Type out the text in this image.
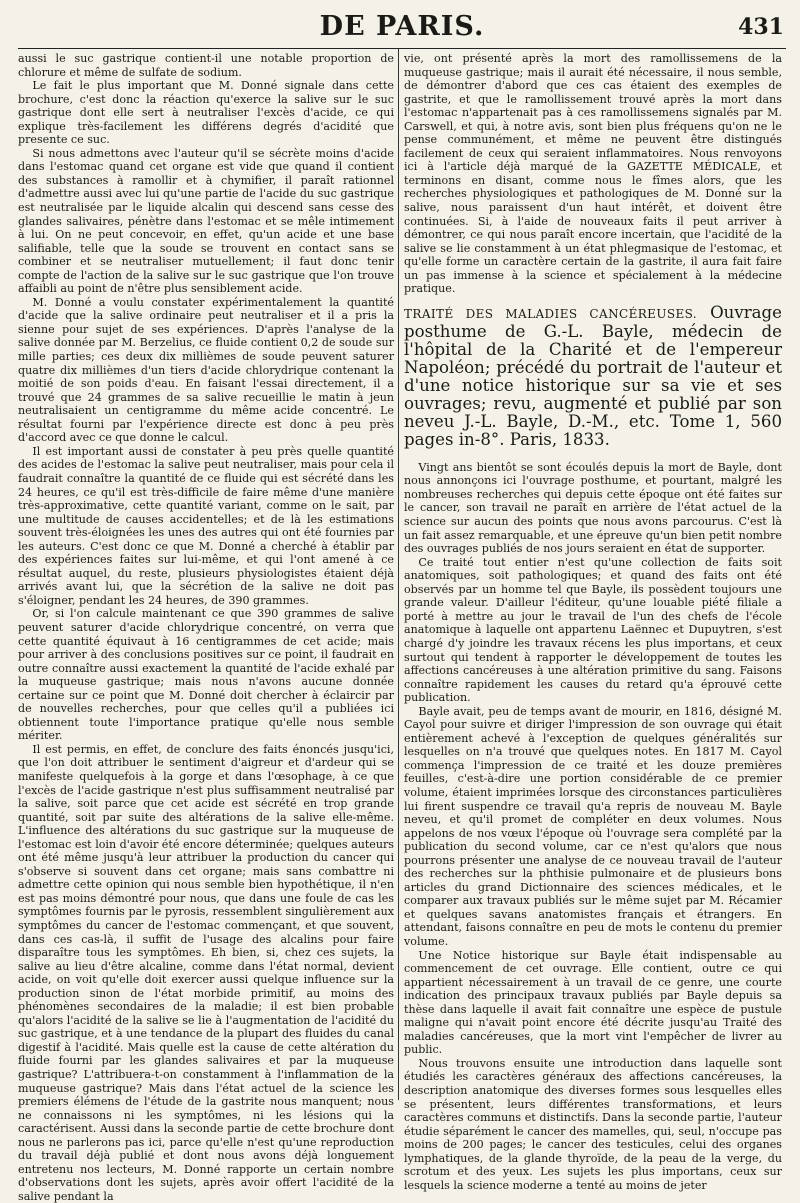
DE PARIS.	431

aussi le suc gastrique contient-il une notable proportion de chlorure et même de sulfate de sodium.

Le fait le plus important que M. Donné signale dans cette brochure, c'est donc la réaction qu'exerce la salive sur le suc gastrique dont elle sert à neutraliser l'excès d'acide, ce qui explique très-facilement les différens degrés d'acidité que presente ce suc.

Si nous admettons avec l'auteur qu'il se sécrète moins d'acide dans l'estomac quand cet organe est vide que quand il contient des substances à ramollir et à chymifier, il paraît rationnel d'admettre aussi avec lui qu'une partie de l'acide du suc gastrique est neutralisée par le liquide alcalin qui descend sans cesse des glandes salivaires, pénètre dans l'estomac et se mêle intimement à lui. On ne peut concevoir, en effet, qu'un acide et une base salifiable, telle que la soude se trouvent en contact sans se combiner et se neutraliser mutuellement; il faut donc tenir compte de l'action de la salive sur le suc gastrique que l'on trouve affaibli au point de n'être plus sensiblement acide.

M. Donné a voulu constater expérimentalement la quantité d'acide que la salive ordinaire peut neutraliser et il a pris la sienne pour sujet de ses expériences. D'après l'analyse de la salive donnée par M. Berzelius, ce fluide contient 0,2 de soude sur mille parties; ces deux dix millièmes de soude peuvent saturer quatre dix millièmes d'un tiers d'acide chlorydrique contenant la moitié de son poids d'eau. En faisant l'essai directement, il a trouvé que 24 grammes de sa salive recueillie le matin à jeun neutralisaient un centigramme du même acide concentré. Le résultat fourni par l'expérience directe est donc à peu près d'accord avec ce que donne le calcul.

Il est important aussi de constater à peu près quelle quantité des acides de l'estomac la salive peut neutraliser, mais pour cela il faudrait connaître la quantité de ce fluide qui est sécrété dans les 24 heures, ce qu'il est très-difficile de faire même d'une manière très-approximative, cette quantité variant, comme on le sait, par une multitude de causes accidentelles; et de là les estimations souvent très-éloignées les unes des autres qui ont été fournies par les auteurs. C'est donc ce que M. Donné a cherché à établir par des expériences faites sur lui-même, et qui l'ont amené à ce résultat auquel, du reste, plusieurs physiologistes étaient déjà arrivés avant lui, que la sécrétion de la salive ne doit pas s'éloigner, pendant les 24 heures, de 390 grammes.

Or, si l'on calcule maintenant ce que 390 grammes de salive peuvent saturer d'acide chlorydrique concentré, on verra que cette quantité équivaut à 16 centigrammes de cet acide; mais pour arriver à des conclusions positives sur ce point, il faudrait en outre connaître aussi exactement la quantité de l'acide exhalé par la muqueuse gastrique; mais nous n'avons aucune donnée certaine sur ce point que M. Donné doit chercher à éclaircir par de nouvelles recherches, pour que celles qu'il a publiées ici obtiennent toute l'importance pratique qu'elle nous semble mériter.

Il est permis, en effet, de conclure des faits énoncés jusqu'ici, que l'on doit attribuer le sentiment d'aigreur et d'ardeur qui se manifeste quelquefois à la gorge et dans l'œsophage, à ce que l'excès de l'acide gastrique n'est plus suffisamment neutralisé par la salive, soit parce que cet acide est sécrété en trop grande quantité, soit par suite des altérations de la salive elle-même. L'influence des altérations du suc gastrique sur la muqueuse de l'estomac est loin d'avoir été encore déterminée; quelques auteurs ont été même jusqu'à leur attribuer la production du cancer qui s'observe si souvent dans cet organe; mais sans combattre ni admettre cette opinion qui nous semble bien hypothétique, il n'en est pas moins démontré pour nous, que dans une foule de cas les symptômes fournis par le pyrosis, ressemblent singulièrement aux symptômes du cancer de l'estomac commençant, et que souvent, dans ces cas-là, il suffit de l'usage des alcalins pour faire disparaître tous les symptômes. Eh bien, si, chez ces sujets, la salive au lieu d'être alcaline, comme dans l'état normal, devient acide, on voit qu'elle doit exercer aussi quelque influence sur la production sinon de l'état morbide primitif, au moins des phénomènes secondaires de la maladie; il est bien probable qu'alors l'acidité de la salive se lie à l'augmentation de l'acidité du suc gastrique, et à une tendance de la plupart des fluides du canal digestif à l'acidité. Mais quelle est la cause de cette altération du fluide fourni par les glandes salivaires et par la muqueuse gastrique? L'attribuera-t-on constamment à l'inflammation de la muqueuse gastrique? Mais dans l'état actuel de la science les premiers élémens de l'étude de la gastrite nous manquent; nous ne connaissons ni les symptômes, ni les lésions qui la caractérisent. Aussi dans la seconde partie de cette brochure dont nous ne parlerons pas ici, parce qu'elle n'est qu'une reproduction du travail déjà publié et dont nous avons déjà longuement entretenu nos lecteurs, M. Donné rapporte un certain nombre d'observations dont les sujets, après avoir offert l'acidité de la salive pendant la

vie, ont présenté après la mort des ramollissemens de la muqueuse gastrique; mais il aurait été nécessaire, il nous semble, de démontrer d'abord que ces cas étaient des exemples de gastrite, et que le ramollissement trouvé après la mort dans l'estomac n'appartenait pas à ces ramollissemens signalés par M. Carswell, et qui, à notre avis, sont bien plus fréquens qu'on ne le pense communément, et même ne peuvent être distingués facilement de ceux qui seraient inflammatoires. Nous renvoyons ici à l'article déjà marqué de la GAZETTE MÉDICALE, et terminons en disant, comme nous le fîmes alors, que les recherches physiologiques et pathologiques de M. Donné sur la salive, nous paraissent d'un haut intérêt, et doivent être continuées. Si, à l'aide de nouveaux faits il peut arriver à démontrer, ce qui nous paraît encore incertain, que l'acidité de la salive se lie constamment à un état phlegmasique de l'estomac, et qu'elle forme un caractère certain de la gastrite, il aura fait faire un pas immense à la science et spécialement à la médecine pratique.

TRAITÉ DES MALADIES CANCÉREUSES. Ouvrage posthume de G.-L. Bayle, médecin de l'hôpital de la Charité et de l'empereur Napoléon; précédé du portrait de l'auteur et d'une notice historique sur sa vie et ses ouvrages; revu, augmenté et publié par son neveu J.-L. Bayle, D.-M., etc. Tome 1, 560 pages in-8°. Paris, 1833.

Vingt ans bientôt se sont écoulés depuis la mort de Bayle, dont nous annonçons ici l'ouvrage posthume, et pourtant, malgré les nombreuses recherches qui depuis cette époque ont été faites sur le cancer, son travail ne paraît en arrière de l'état actuel de la science sur aucun des points que nous avons parcourus. C'est là un fait assez remarquable, et une épreuve qu'un bien petit nombre des ouvrages publiés de nos jours seraient en état de supporter.

Ce traité tout entier n'est qu'une collection de faits soit anatomiques, soit pathologiques; et quand des faits ont été observés par un homme tel que Bayle, ils possèdent toujours une grande valeur. D'ailleur l'éditeur, qu'une louable piété filiale a porté à mettre au jour le travail de l'un des chefs de l'école anatomique à laquelle ont appartenu Laënnec et Dupuytren, s'est chargé d'y joindre les travaux récens les plus importans, et ceux surtout qui tendent à rapporter le développement de toutes les affections cancéreuses à une altération primitive du sang. Faisons connaître rapidement les causes du retard qu'a éprouvé cette publication.

Bayle avait, peu de temps avant de mourir, en 1816, désigné M. Cayol pour suivre et diriger l'impression de son ouvrage qui était entièrement achevé à l'exception de quelques généralités sur lesquelles on n'a trouvé que quelques notes. En 1817 M. Cayol commença l'impression de ce traité et les douze premières feuilles, c'est-à-dire une portion considérable de ce premier volume, étaient imprimées lorsque des circonstances particulières lui firent suspendre ce travail qu'a repris de nouveau M. Bayle neveu, et qu'il promet de compléter en deux volumes. Nous appelons de nos vœux l'époque où l'ouvrage sera complété par la publication du second volume, car ce n'est qu'alors que nous pourrons présenter une analyse de ce nouveau travail de l'auteur des recherches sur la phthisie pulmonaire et de plusieurs bons articles du grand Dictionnaire des sciences médicales, et le comparer aux travaux publiés sur le même sujet par M. Récamier et quelques savans anatomistes français et étrangers. En attendant, faisons connaître en peu de mots le contenu du premier volume.

Une Notice historique sur Bayle était indispensable au commencement de cet ouvrage. Elle contient, outre ce qui appartient nécessairement à un travail de ce genre, une courte indication des principaux travaux publiés par Bayle depuis sa thèse dans laquelle il avait fait connaître une espèce de pustule maligne qui n'avait point encore été décrite jusqu'au Traité des maladies cancéreuses, que la mort vint l'empêcher de livrer au public.

Nous trouvons ensuite une introduction dans laquelle sont étudiés les caractères généraux des affections cancéreuses, la description anatomique des diverses formes sous lesquelles elles se présentent, leurs différentes transformations, et leurs caractères communs et distinctifs. Dans la seconde partie, l'auteur étudie séparément le cancer des mamelles, qui, seul, n'occupe pas moins de 200 pages; le cancer des testicules, celui des organes lymphatiques, de la glande thyroïde, de la peau de la verge, du scrotum et des yeux. Les sujets les plus importans, ceux sur lesquels la science moderne a tenté au moins de jeter
